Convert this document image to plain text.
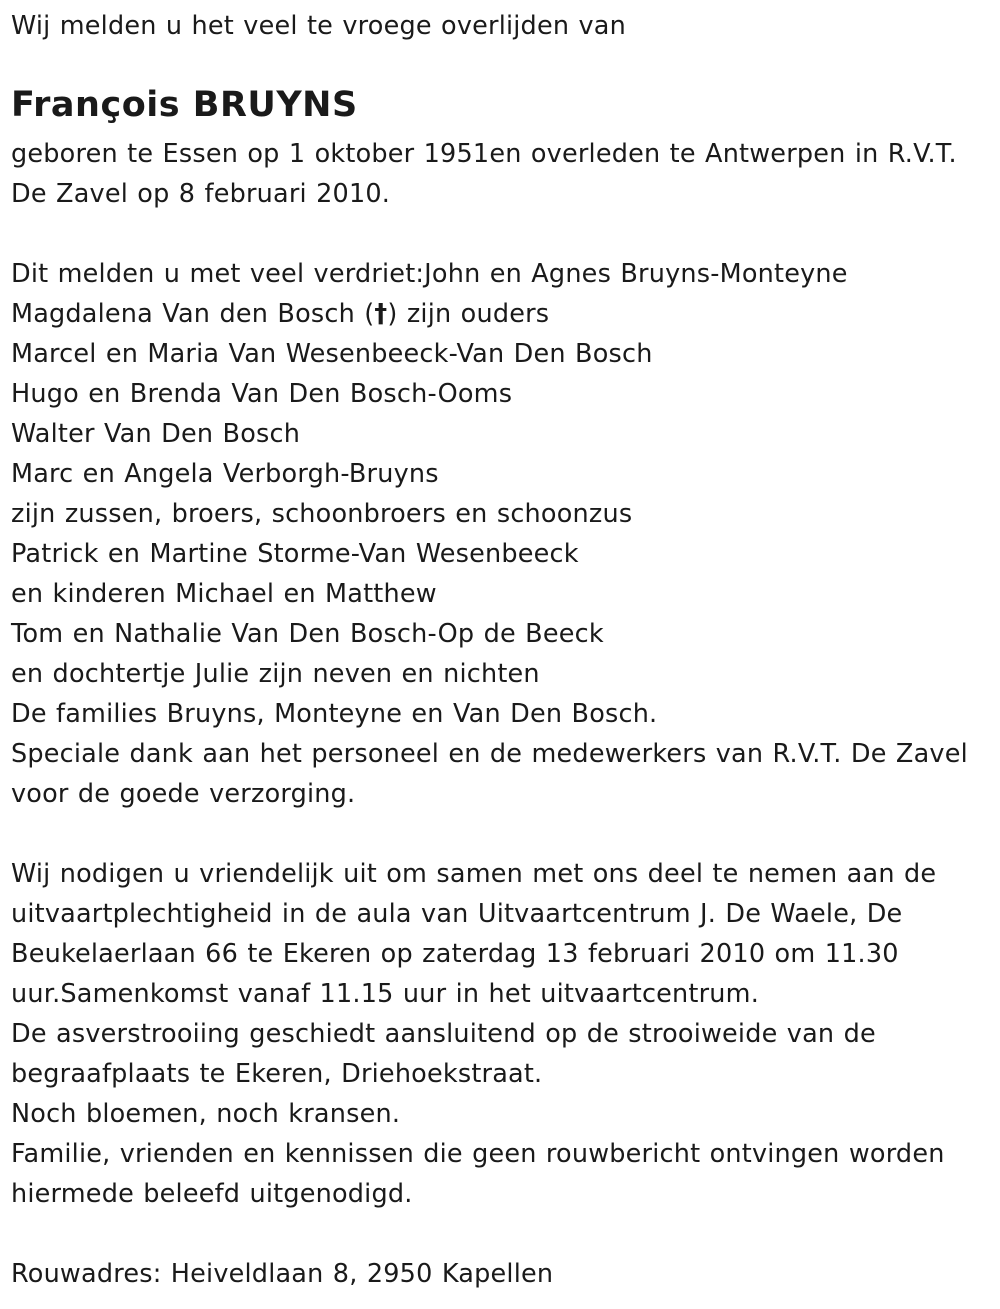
Wij melden u het veel te vroege overlijden van
François BRUYNS
geboren te Essen op 1 oktober 1951en overleden te Antwerpen in R.V.T.
De Zavel op 8 februari 2010.
Dit melden u met veel verdriet:John en Agnes Bruyns-Monteyne
Magdalena Van den Bosch (†) zijn ouders
Marcel en Maria Van Wesenbeeck-Van Den Bosch
Hugo en Brenda Van Den Bosch-Ooms
Walter Van Den Bosch
Marc en Angela Verborgh-Bruyns
zijn zussen, broers, schoonbroers en schoonzus
Patrick en Martine Storme-Van Wesenbeeck
en kinderen Michael en Matthew
Tom en Nathalie Van Den Bosch-Op de Beeck
en dochtertje Julie zijn neven en nichten
De families Bruyns, Monteyne en Van Den Bosch.
Speciale dank aan het personeel en de medewerkers van R.V.T. De Zavel
voor de goede verzorging.
Wij nodigen u vriendelijk uit om samen met ons deel te nemen aan de
uitvaartplechtigheid in de aula van Uitvaartcentrum J. De Waele, De
Beukelaerlaan 66 te Ekeren op zaterdag 13 februari 2010 om 11.30
uur.Samenkomst vanaf 11.15 uur in het uitvaartcentrum.
De asverstrooiing geschiedt aansluitend op de strooiweide van de
begraafplaats te Ekeren, Driehoekstraat.
Noch bloemen, noch kransen.
Familie, vrienden en kennissen die geen rouwbericht ontvingen worden
hiermede beleefd uitgenodigd.
Rouwadres: Heiveldlaan 8, 2950 Kapellen
